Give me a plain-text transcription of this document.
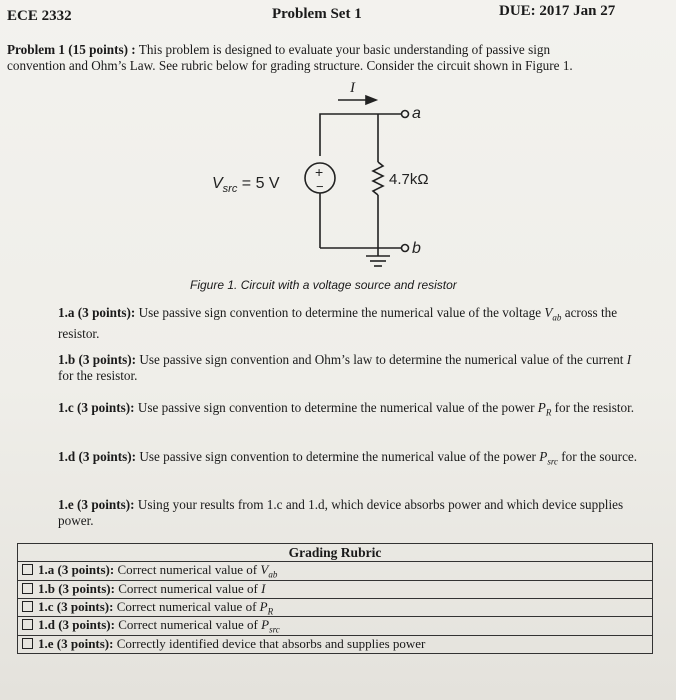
ECE 2332	Problem Set 1	DUE: 2017 Jan 27
Problem 1 (15 points) : This problem is designed to evaluate your basic understanding of passive sign
convention and Ohm’s Law. See rubric below for grading structure. Consider the circuit shown in Figure 1.
I
a
b
+
−	4.7kΩ
$V_{src} = 5$ V
Figure 1. Circuit with a voltage source and resistor
1.a (3 points): Use passive sign convention to determine the numerical value of the voltage $V_{ab}$ across the resistor.
1.b (3 points): Use passive sign convention and Ohm’s law to determine the numerical value of the current I for the resistor.
1.c (3 points): Use passive sign convention to determine the numerical value of the power $P_R$ for the resistor.
1.d (3 points): Use passive sign convention to determine the numerical value of the power $P_{src}$ for the source.
1.e (3 points): Using your results from 1.c and 1.d, which device absorbs power and which device supplies power.
Grading Rubric
1.a (3 points): Correct numerical value of $V_{ab}$
1.b (3 points): Correct numerical value of I
1.c (3 points): Correct numerical value of $P_R$
1.d (3 points): Correct numerical value of $P_{src}$
1.e (3 points): Correctly identified device that absorbs and supplies power
